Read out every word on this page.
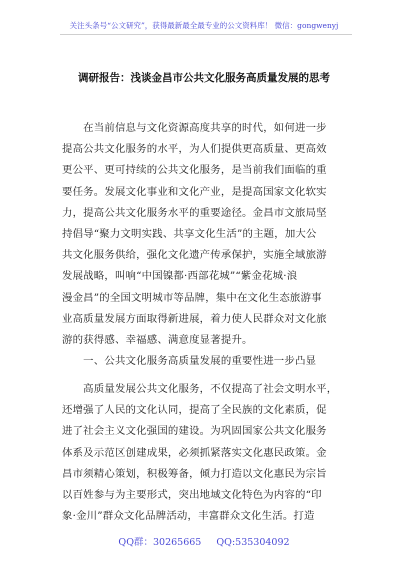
关注头条号“公文研究”，获得最新最全最专业的公文资料库！ 微信：gongwenyj
调研报告：浅谈金昌市公共文化服务高质量发展的思考
　　在当前信息与文化资源高度共享的时代，如何进一步
提高公共文化服务的水平，为人们提供更高质量、更高效
更公平、更可持续的公共文化服务，是当前我们面临的重
要任务。发展文化事业和文化产业，是提高国家文化软实
力，提高公共文化服务水平的重要途径。金昌市文旅局坚
持倡导“聚力文明实践、共享文化生活”的主题，加大公
共文化服务供给，强化文化遗产传承保护，实施全域旅游
发展战略，叫响“中国镍都·西部花城”“紫金花城·浪
漫金昌”的全国文明城市等品牌，集中在文化生态旅游事
业高质量发展方面取得新进展，着力使人民群众对文化旅
游的获得感、幸福感、满意度显著提升。
　　一、公共文化服务高质量发展的重要性进一步凸显
　　高质量发展公共文化服务，不仅提高了社会文明水平，
还增强了人民的文化认同，提高了全民族的文化素质，促
进了社会主义文化强国的建设。为巩固国家公共文化服务
体系及示范区创建成果，必须抓紧落实文化惠民政策。金
昌市须精心策划，积极筹备，倾力打造以文化惠民为宗旨
以百姓参与为主要形式，突出地域文化特色为内容的“印
象·金川”群众文化品牌活动，丰富群众文化生活。打造
QQ群：30265665 QQ:535304092
